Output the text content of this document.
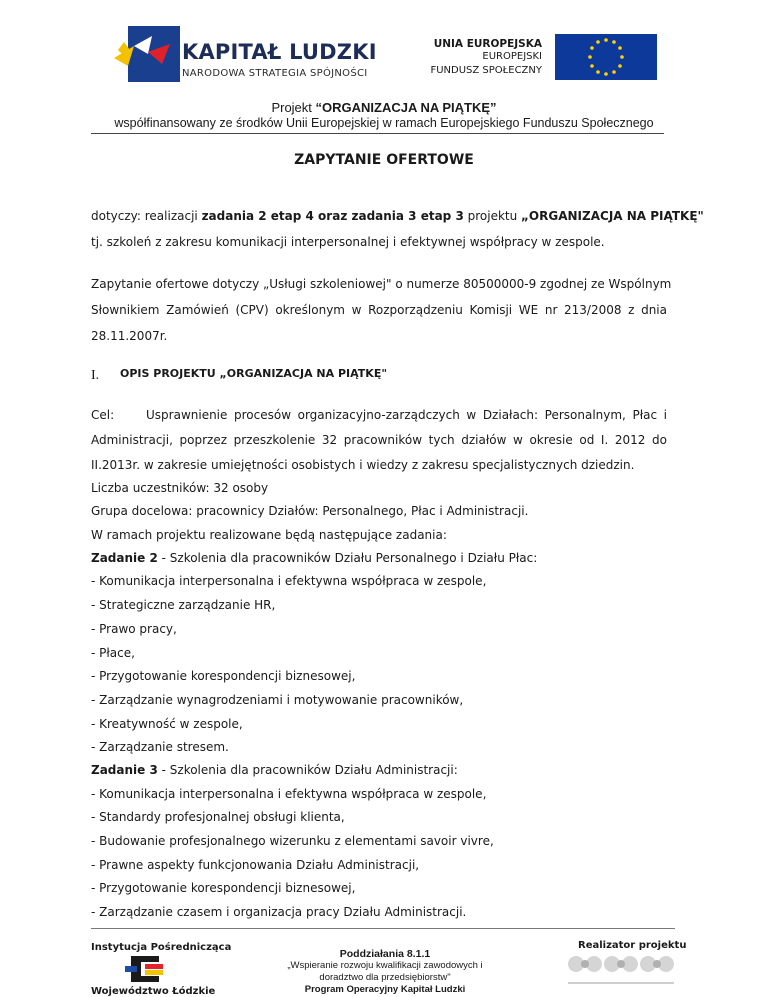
KAPITAŁ LUDZKI
NARODOWA STRATEGIA SPÓJNOŚCI
UNIA EUROPEJSKA
EUROPEJSKI
FUNDUSZ SPOŁECZNY
Projekt “ORGANIZACJA NA PIĄTKĘ”
współfinansowany ze środków Unii Europejskiej w ramach Europejskiego Funduszu Społecznego
ZAPYTANIE OFERTOWE
dotyczy: realizacji zadania 2 etap 4 oraz zadania 3 etap 3 projektu „ORGANIZACJA NA PIĄTKĘ"
tj. szkoleń z zakresu komunikacji interpersonalnej i efektywnej współpracy w zespole.
Zapytanie ofertowe dotyczy „Usługi szkoleniowej" o numerze 80500000-9 zgodnej ze Wspólnym
Słownikiem Zamówień (CPV) określonym w Rozporządzeniu Komisji WE nr 213/2008 z dnia
28.11.2007r.
I. OPIS PROJEKTU „ORGANIZACJA NA PIĄTKĘ"
Cel:	Usprawnienie procesów organizacyjno-zarządczych w Działach: Personalnym, Płac i
Administracji, poprzez przeszkolenie 32 pracowników tych działów w okresie od I. 2012 do
II.2013r. w zakresie umiejętności osobistych i wiedzy z zakresu specjalistycznych dziedzin.
Liczba uczestników: 32 osoby
Grupa docelowa: pracownicy Działów: Personalnego, Płac i Administracji.
W ramach projektu realizowane będą następujące zadania:
Zadanie 2 - Szkolenia dla pracowników Działu Personalnego i Działu Płac:
- Komunikacja interpersonalna i efektywna współpraca w zespole,
- Strategiczne zarządzanie HR,
- Prawo pracy,
- Płace,
- Przygotowanie korespondencji biznesowej,
- Zarządzanie wynagrodzeniami i motywowanie pracowników,
- Kreatywność w zespole,
- Zarządzanie stresem.
Zadanie 3 - Szkolenia dla pracowników Działu Administracji:
- Komunikacja interpersonalna i efektywna współpraca w zespole,
- Standardy profesjonalnej obsługi klienta,
- Budowanie profesjonalnego wizerunku z elementami savoir vivre,
- Prawne aspekty funkcjonowania Działu Administracji,
- Przygotowanie korespondencji biznesowej,
- Zarządzanie czasem i organizacja pracy Działu Administracji.
Instytucja Pośrednicząca
Województwo Łódzkie
Poddziałania 8.1.1
„Wspieranie rozwoju kwalifikacji zawodowych i
doradztwo dla przedsiębiorstw"
Program Operacyjny Kapitał Ludzki
Realizator projektu
